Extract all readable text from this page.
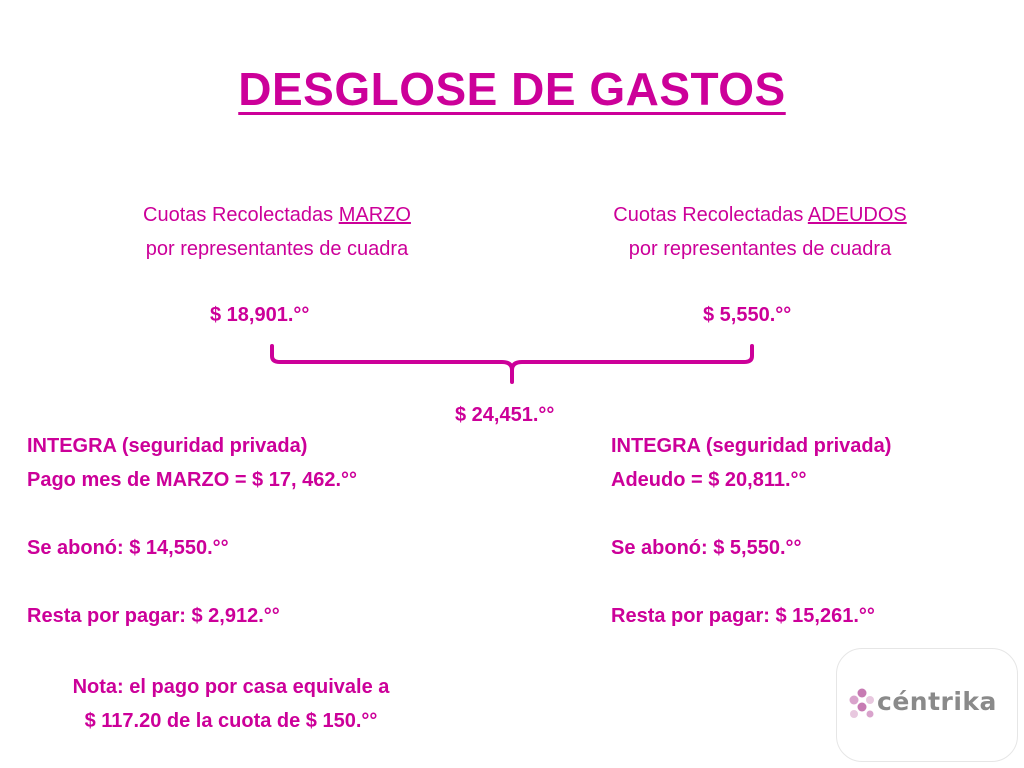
DESGLOSE DE GASTOS
Cuotas Recolectadas MARZO
por representantes de cuadra
Cuotas Recolectadas ADEUDOS
por representantes de cuadra
$ 18,901.°°	$ 5,550.°°
$ 24,451.°°
INTEGRA (seguridad privada)
Pago mes de MARZO = $ 17, 462.°°
Se abonó: $ 14,550.°°
Resta por pagar: $ 2,912.°°
INTEGRA (seguridad privada)
Adeudo = $ 20,811.°°
Se abonó: $ 5,550.°°
Resta por pagar: $ 15,261.°°
Nota: el pago por casa equivale a
$ 117.20 de la cuota de $ 150.°°
céntrika
